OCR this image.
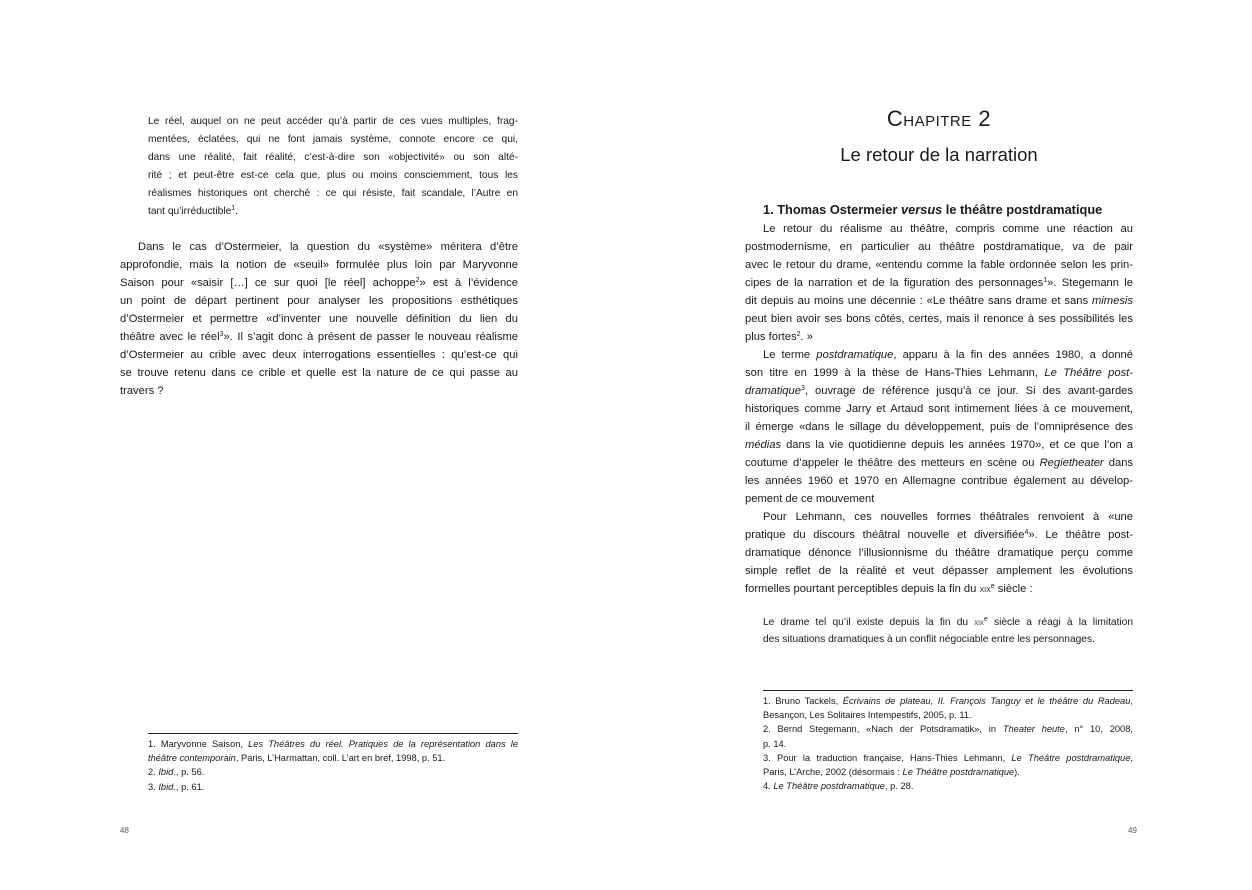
Le réel, auquel on ne peut accéder qu’à partir de ces vues multiples, frag-
mentées, éclatées, qui ne font jamais système, connote encore ce qui,
dans une réalité, fait réalité, c’est-à-dire son «objectivité» ou son alté-
rité ; et peut-être est-ce cela que, plus ou moins consciemment, tous les
réalismes historiques ont cherché : ce qui résiste, fait scandale, l’Autre en
tant qu’irréductible$^1$.
Dans le cas d’Ostermeier, la question du «système» méritera d’être
approfondie, mais la notion de «seuil» formulée plus loin par Maryvonne
Saison pour «saisir […] ce sur quoi [le réel] achoppe$^2$» est à l’évidence
un point de départ pertinent pour analyser les propositions esthétiques
d’Ostermeier et permettre «d’inventer une nouvelle définition du lien du
théâtre avec le réel$^3$». Il s’agit donc à présent de passer le nouveau réalisme
d’Ostermeier au crible avec deux interrogations essentielles : qu’est-ce qui
se trouve retenu dans ce crible et quelle est la nature de ce qui passe au
travers ?
1. Maryvonne Saison, Les Théâtres du réel. Pratiques de la représentation dans le
théâtre contemporain, Paris, L’Harmattan, coll. L’art en bref, 1998, p. 51.
2. Ibid., p. 56.
3. Ibid., p. 61.
48	49
Chapitre 2
Le retour de la narration
1. Thomas Ostermeier versus le théâtre postdramatique
Le retour du réalisme au théâtre, compris comme une réaction au
postmodernisme, en particulier au théâtre postdramatique, va de pair
avec le retour du drame, «entendu comme la fable ordonnée selon les prin-
cipes de la narration et de la figuration des personnages$^1$». Stegemann le
dit depuis au moins une décennie : «Le théâtre sans drame et sans mimesis
peut bien avoir ses bons côtés, certes, mais il renonce à ses possibilités les
plus fortes$^2$. »
Le terme postdramatique, apparu à la fin des années 1980, a donné
son titre en 1999 à la thèse de Hans-Thies Lehmann, Le Théâtre post-
dramatique$^3$, ouvrage de référence jusqu’à ce jour. Si des avant-gardes
historiques comme Jarry et Artaud sont intimement liées à ce mouvement,
il émerge «dans le sillage du développement, puis de l’omniprésence des
médias dans la vie quotidienne depuis les années 1970», et ce que l’on a
coutume d’appeler le théâtre des metteurs en scène ou Regietheater dans
les années 1960 et 1970 en Allemagne contribue également au dévelop-
pement de ce mouvement
Pour Lehmann, ces nouvelles formes théâtrales renvoient à «une
pratique du discours théâtral nouvelle et diversifiée$^4$». Le théâtre post-
dramatique dénonce l’illusionnisme du théâtre dramatique perçu comme
simple reflet de la réalité et veut dépasser amplement les évolutions
formelles pourtant perceptibles depuis la fin du xix$^e$ siècle :
Le drame tel qu’il existe depuis la fin du xix$^e$ siècle a réagi à la limitation
des situations dramatiques à un conflit négociable entre les personnages.
1. Bruno Tackels, Écrivains de plateau, II. François Tanguy et le théâtre du Radeau,
Besançon, Les Solitaires Intempestifs, 2005, p. 11.
2. Bernd Stegemann, «Nach der Potsdramatik», in Theater heute, n° 10, 2008,
p. 14.
3. Pour la traduction française, Hans-Thies Lehmann, Le Théâtre postdramatique,
Paris, L’Arche, 2002 (désormais : Le Théâtre postdramatique).
4. Le Théâtre postdramatique, p. 28.
